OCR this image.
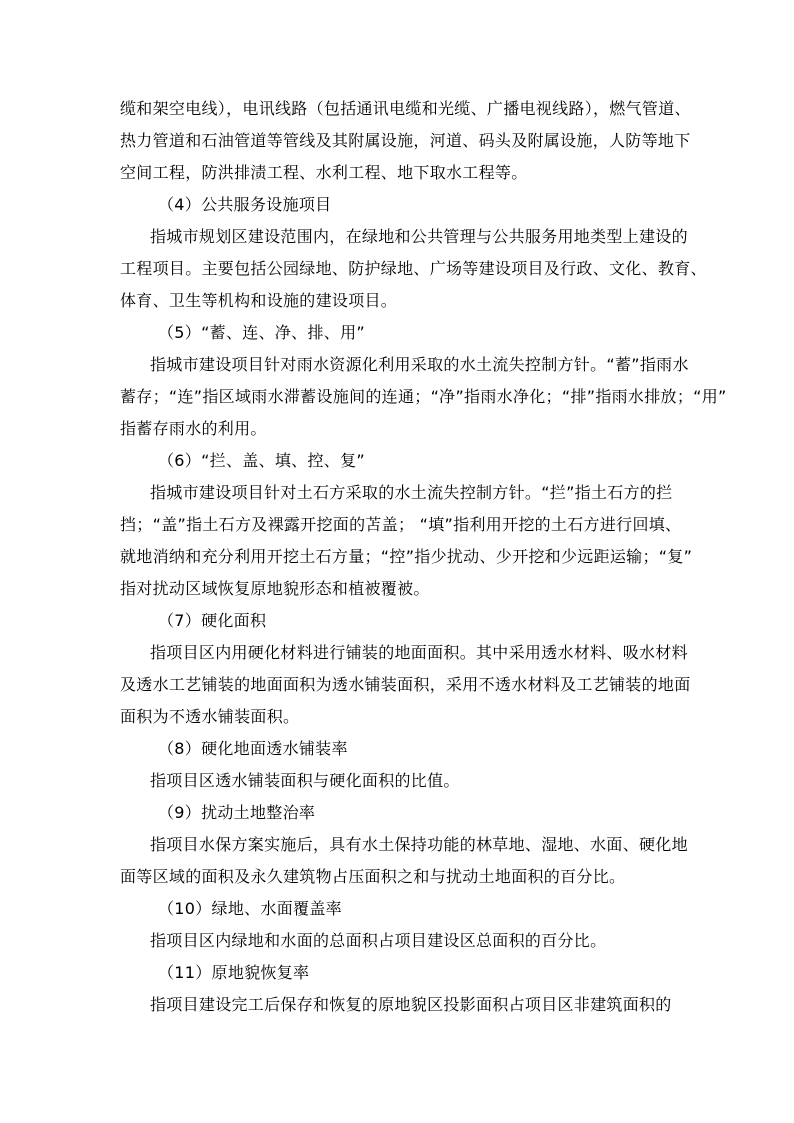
缆和架空电线），电讯线路（包括通讯电缆和光缆、广播电视线路），燃气管道、
热力管道和石油管道等管线及其附属设施，河道、码头及附属设施，人防等地下
空间工程，防洪排渍工程、水利工程、地下取水工程等。
（4）公共服务设施项目
指城市规划区建设范围内，在绿地和公共管理与公共服务用地类型上建设的
工程项目。主要包括公园绿地、防护绿地、广场等建设项目及行政、文化、教育、
体育、卫生等机构和设施的建设项目。
（5）“蓄、连、净、排、用”
指城市建设项目针对雨水资源化利用采取的水土流失控制方针。“蓄”指雨水
蓄存；“连”指区域雨水滞蓄设施间的连通；“净”指雨水净化；“排”指雨水排放；“用”
指蓄存雨水的利用。
（6）“拦、盖、填、控、复”
指城市建设项目针对土石方采取的水土流失控制方针。“拦”指土石方的拦
挡；“盖”指土石方及裸露开挖面的苫盖； “填”指利用开挖的土石方进行回填、
就地消纳和充分利用开挖土石方量；“控”指少扰动、少开挖和少远距运输；“复”
指对扰动区域恢复原地貌形态和植被覆被。
（7）硬化面积
指项目区内用硬化材料进行铺装的地面面积。其中采用透水材料、吸水材料
及透水工艺铺装的地面面积为透水铺装面积，采用不透水材料及工艺铺装的地面
面积为不透水铺装面积。
（8）硬化地面透水铺装率
指项目区透水铺装面积与硬化面积的比值。
（9）扰动土地整治率
指项目水保方案实施后，具有水土保持功能的林草地、湿地、水面、硬化地
面等区域的面积及永久建筑物占压面积之和与扰动土地面积的百分比。
（10）绿地、水面覆盖率
指项目区内绿地和水面的总面积占项目建设区总面积的百分比。
（11）原地貌恢复率
指项目建设完工后保存和恢复的原地貌区投影面积占项目区非建筑面积的
